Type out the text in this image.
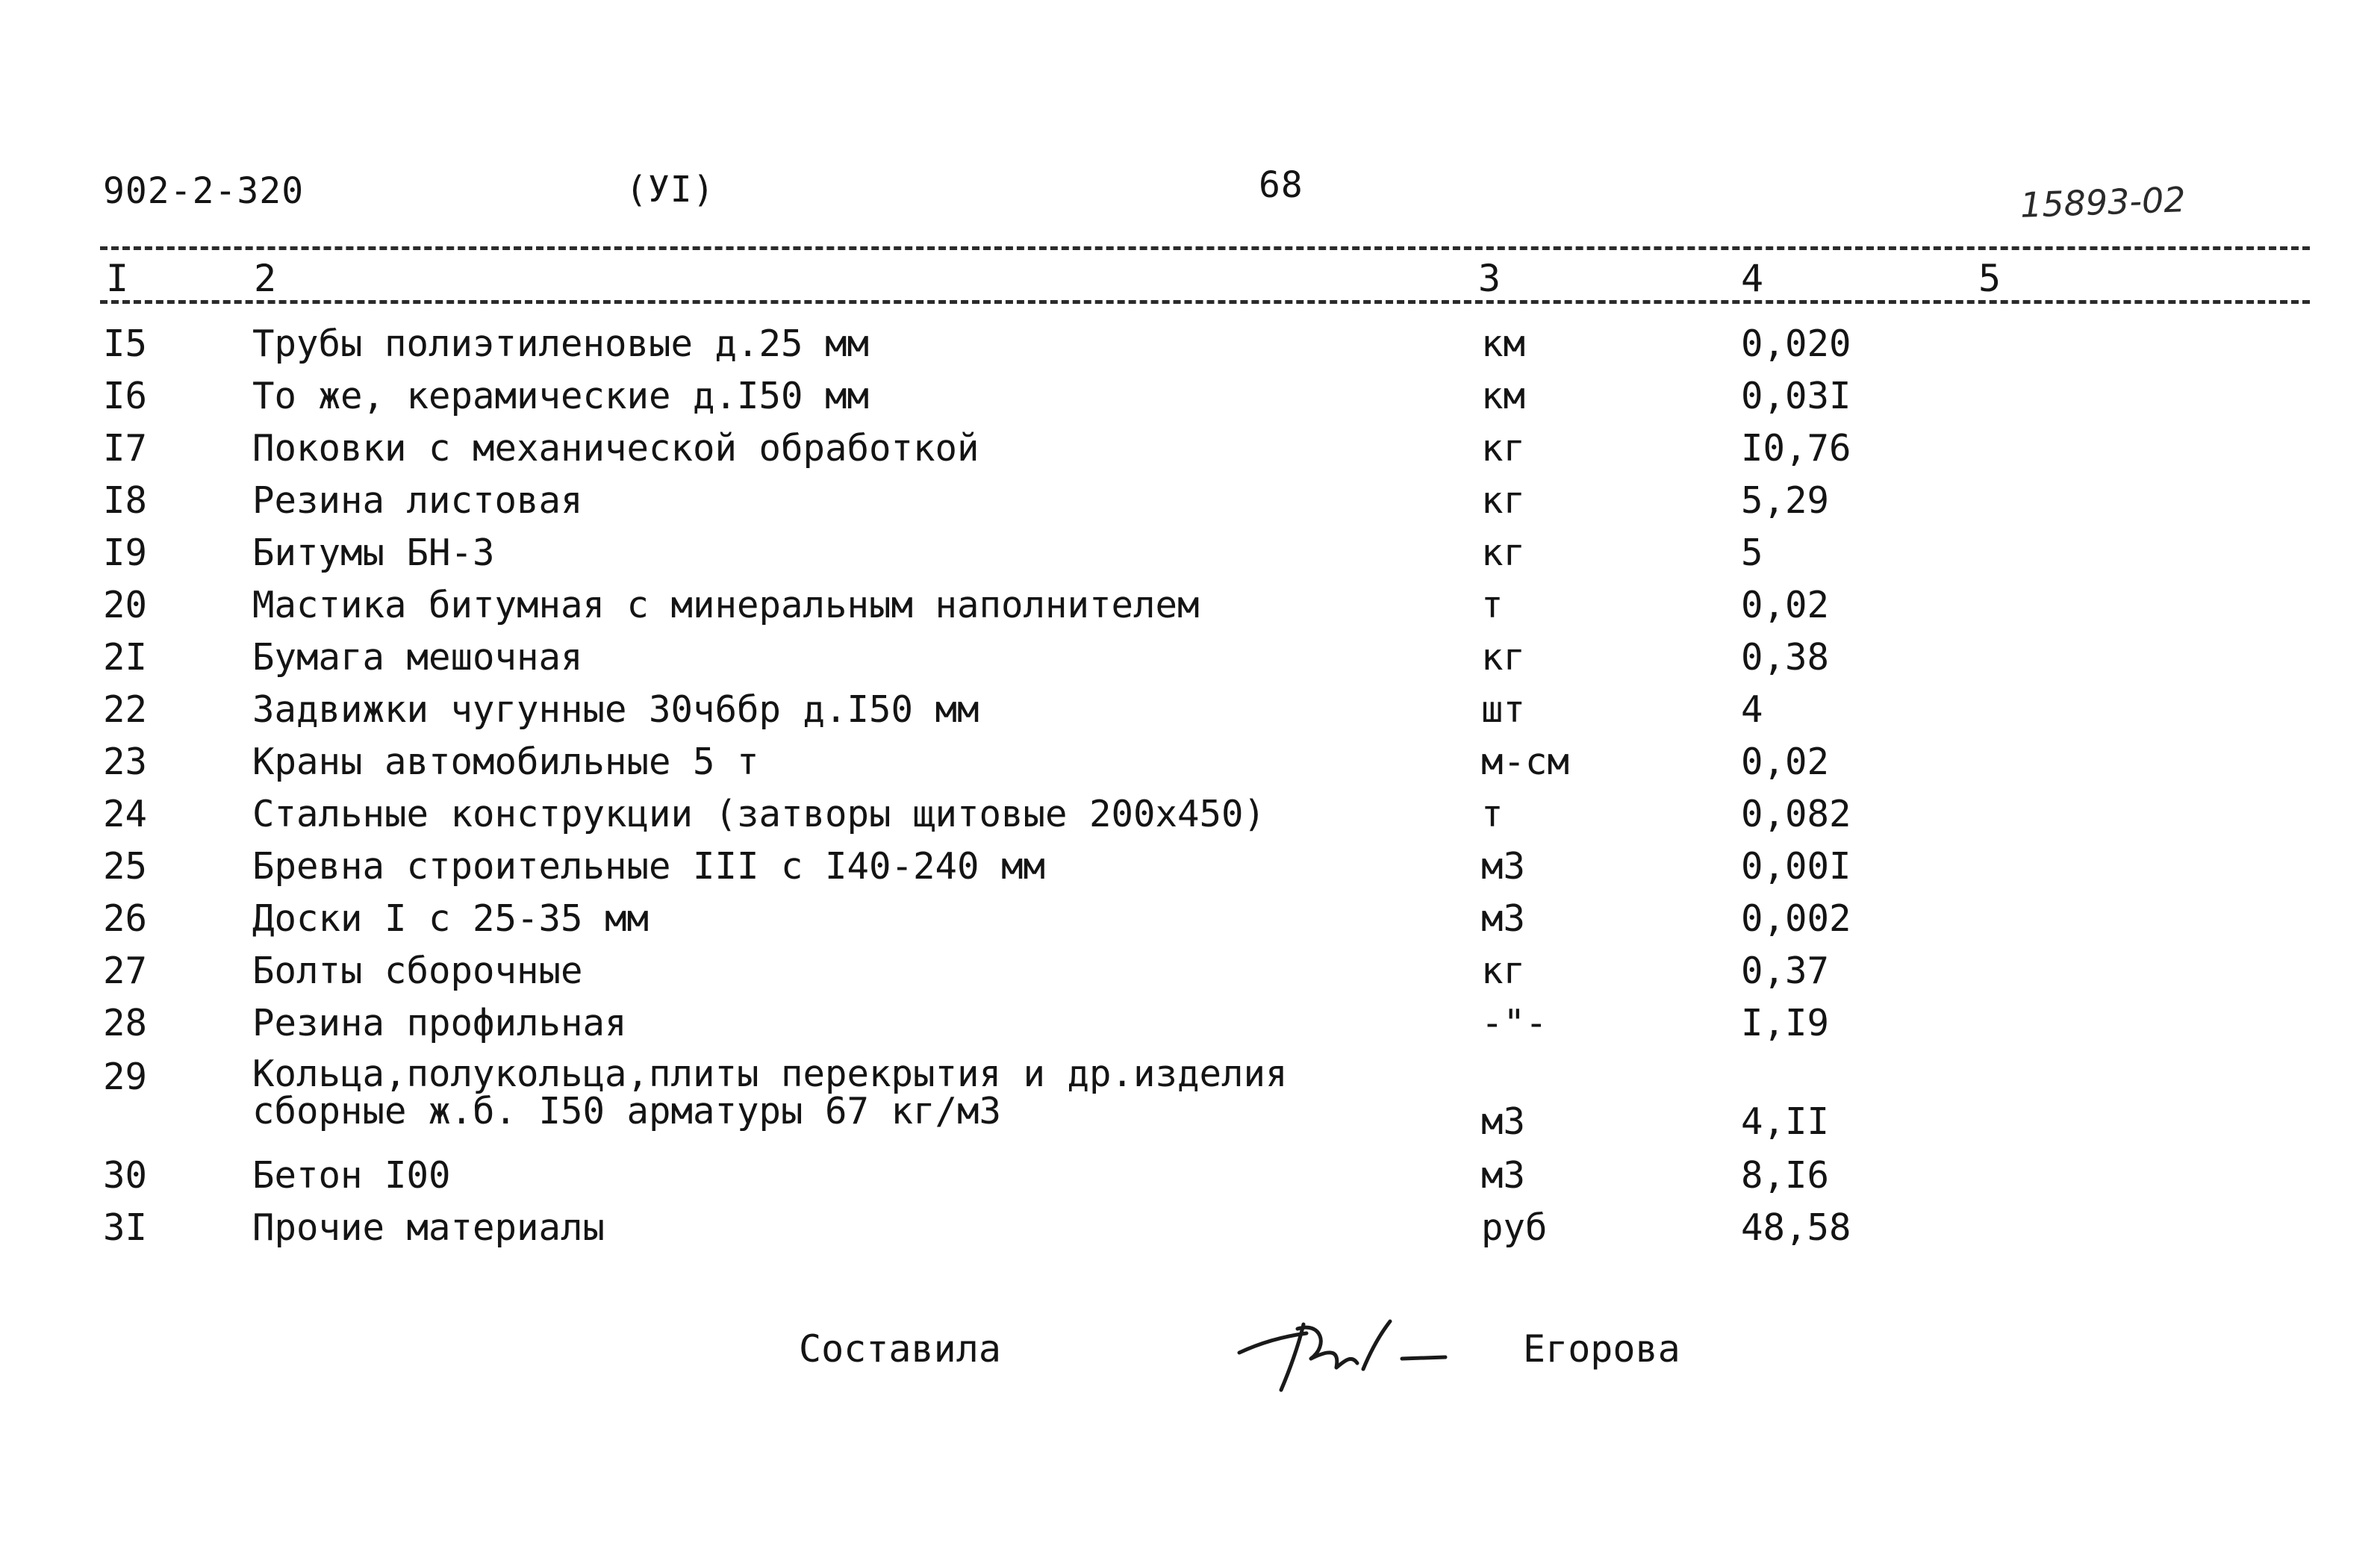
902-2-320	(УI)	68	15893-02
I	2	3	4	5
I5	Трубы полиэтиленовые д.25 мм	км	0,020
I6	То же, керамические д.I50 мм	км	0,03I
I7	Поковки с механической обработкой	кг	I0,76
I8	Резина листовая	кг	5,29
I9	Битумы БН-3	кг	5
20	Мастика битумная с минеральным наполнителем	т	0,02
2I	Бумага мешочная	кг	0,38
22	Задвижки чугунные 30ч6бр д.I50 мм	шт	4
23	Краны автомобильные 5 т	м-см	0,02
24	Стальные конструкции (затворы щитовые 200х450)	т	0,082
25	Бревна строительные III с I40-240 мм	м3	0,00I
26	Доски I с 25-35 мм	м3	0,002
27	Болты сборочные	кг	0,37
28	Резина профильная	-"-	I,I9
29	Кольца,полукольца,плиты перекрытия и др.изделия
сборные ж.б. I50 арматуры 67 кг/м3	м3	4,II
30	Бетон I00	м3	8,I6
3I	Прочие материалы	руб	48,58
Составила	Егорова
